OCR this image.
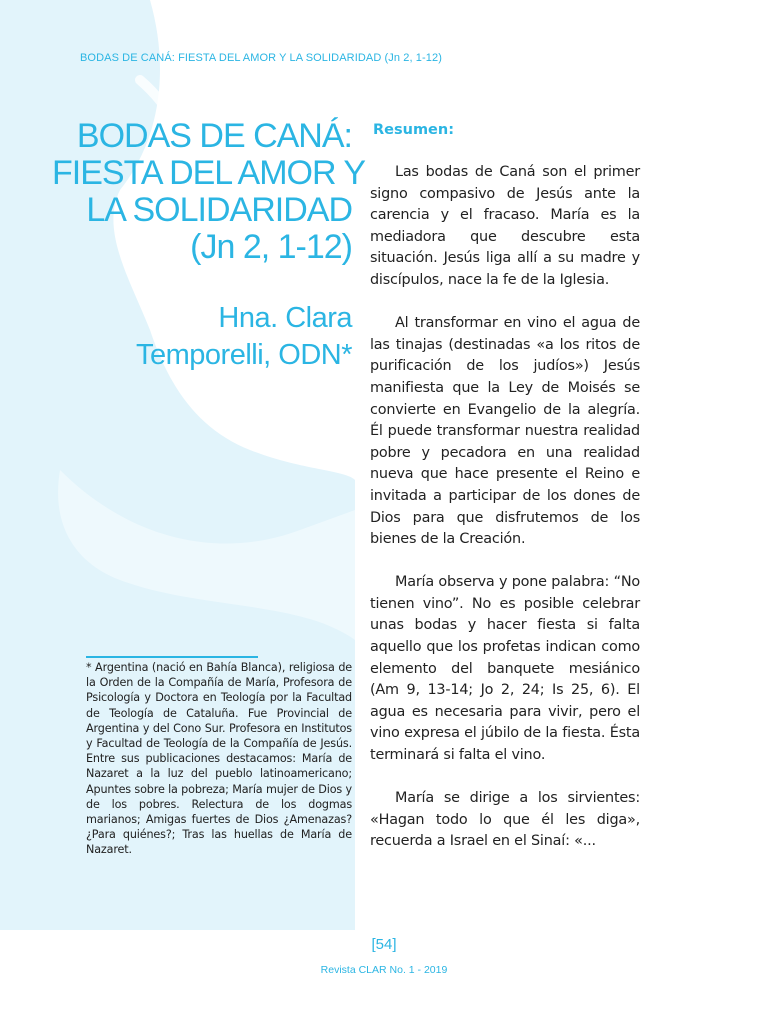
BODAS DE CANÁ: FIESTA DEL AMOR Y LA SOLIDARIDAD (Jn 2, 1-12)
BODAS DE CANÁ:
FIESTA DEL AMOR Y
LA SOLIDARIDAD
(Jn 2, 1-12)
Hna. Clara
Temporelli, ODN*
* Argentina (nació en Bahía Blanca), religiosa de la Orden de la Compañía de María, Profesora de Psicología y Doctora en Teología por la Facultad de Teología de Cataluña. Fue Provincial de Argentina y del Cono Sur. Profesora en Institutos y Facultad de Teología de la Compañía de Jesús. Entre sus publicaciones destacamos: María de Nazaret a la luz del pueblo latinoamericano; Apuntes sobre la pobreza; María mujer de Dios y de los pobres. Relectura de los dogmas marianos; Amigas fuertes de Dios ¿Amenazas? ¿Para quiénes?; Tras las huellas de María de Nazaret.
Resumen:

Las bodas de Caná son el primer signo compasivo de Jesús ante la carencia y el fracaso. María es la mediadora que descubre esta situación. Jesús liga allí a su madre y discípulos, nace la fe de la Iglesia.

Al transformar en vino el agua de las tinajas (destinadas «a los ritos de purificación de los judíos») Jesús manifiesta que la Ley de Moisés se convierte en Evangelio de la alegría. Él puede transformar nuestra realidad pobre y pecadora en una realidad nueva que hace presente el Reino e invitada a participar de los dones de Dios para que disfrutemos de los bienes de la Creación.

María observa y pone palabra: “No tienen vino”. No es posible celebrar unas bodas y hacer fiesta si falta aquello que los profetas indican como elemento del banquete mesiánico (Am 9, 13-14; Jo 2, 24; Is 25, 6). El agua es necesaria para vivir, pero el vino expresa el júbilo de la fiesta. Ésta terminará si falta el vino.

María se dirige a los sirvientes: «Hagan todo lo que él les diga», recuerda a Israel en el Sinaí: «...

[54]
Revista CLAR No. 1 - 2019
